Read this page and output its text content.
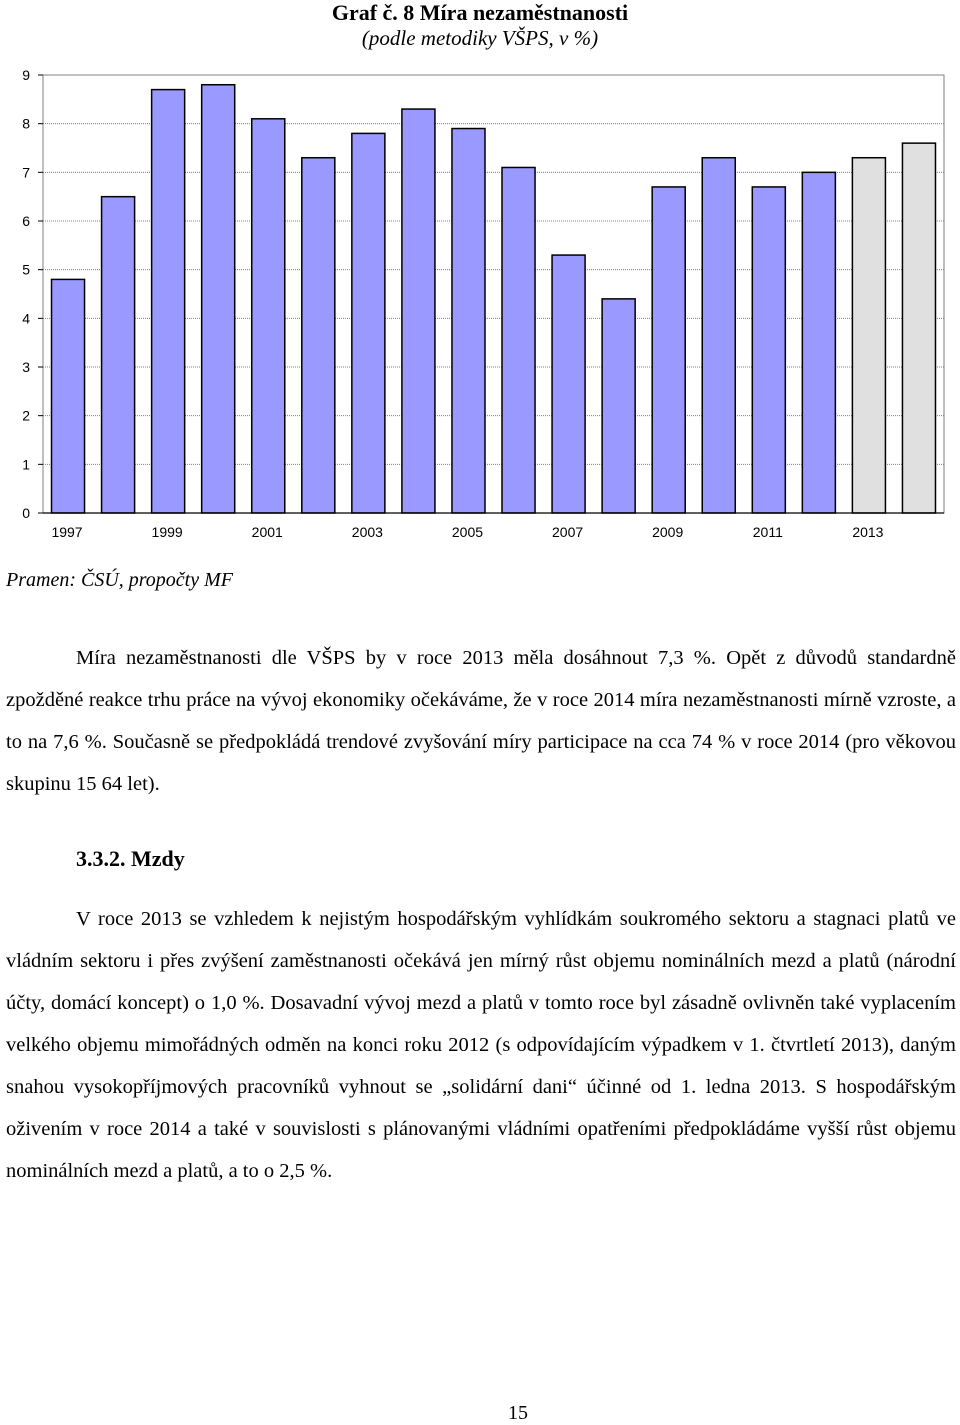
Graf č. 8 Míra nezaměstnanosti
(podle metodiky VŠPS, v %)
0
1
2
3
4
5
6
7
8
9
1997	1999	2001	2003	2005	2007	2009	2011	2013
Pramen: ČSÚ, propočty MF

Míra nezaměstnanosti dle VŠPS by v roce 2013 měla dosáhnout 7,3 %. Opět z důvodů standardně zpožděné reakce trhu práce na vývoj ekonomiky očekáváme, že v roce 2014 míra nezaměstnanosti mírně vzroste, a to na 7,6 %. Současně se předpokládá trendové zvyšování míry participace na cca 74 % v roce 2014 (pro věkovou skupinu 15 64 let).

3.3.2. Mzdy

V roce 2013 se vzhledem k nejistým hospodářským vyhlídkám soukromého sektoru a stagnaci platů ve vládním sektoru i přes zvýšení zaměstnanosti očekává jen mírný růst objemu nominálních mezd a platů (národní účty, domácí koncept) o 1,0 %. Dosavadní vývoj mezd a platů v tomto roce byl zásadně ovlivněn také vyplacením velkého objemu mimořádných odměn na konci roku 2012 (s odpovídajícím výpadkem v 1. čtvrtletí 2013), daným snahou vysokopříjmových pracovníků vyhnout se „solidární dani“ účinné od 1. ledna 2013. S hospodářským oživením v roce 2014 a také v souvislosti s plánovanými vládními opatřeními předpokládáme vyšší růst objemu nominálních mezd a platů, a to o 2,5 %.

15
